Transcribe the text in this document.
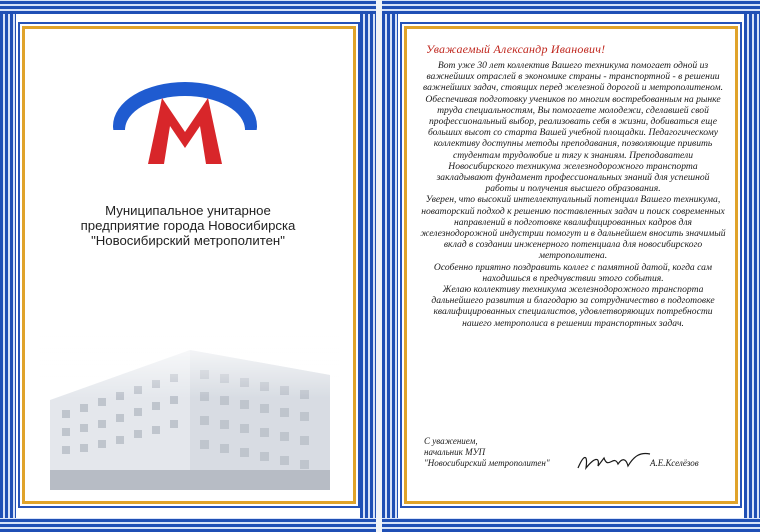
Муниципальное унитарное
предприятие города Новосибирска
"Новосибирский метрополитен"
Уважаемый Александр Иванович!

Вот уже 30 лет коллектив Вашего техникума помогает одной из важнейших отраслей в экономике страны - транспортной - в решении важнейших задач, стоящих перед железной дорогой и метрополитеном.

Обеспечивая подготовку учеников по многим востребованным на рынке труда специальностям, Вы помогаете молодежи, сделавшей свой профессиональный выбор, реализовать себя в жизни, добиваться еще больших высот со старта Вашей учебной площадки. Педагогическому коллективу доступны методы преподавания, позволяющие привить студентам трудолюбие и тягу к знаниям. Преподаватели Новосибирского техникума железнодорожного транспорта закладывают фундамент профессиональных знаний для успешной работы и получения высшего образования.

Уверен, что высокий интеллектуальный потенциал Вашего техникума, новаторский подход к решению поставленных задач и поиск современных направлений в подготовке квалифицированных кадров для железнодорожной индустрии помогут и в дальнейшем вносить значимый вклад в создании инженерного потенциала для новосибирского метрополитена.

Особенно приятно поздравить коллег с памятной датой, когда сам находишься в предчувствии этого события.

Желаю коллективу техникума железнодорожного транспорта дальнейшего развития и благодарю за сотрудничество в подготовке квалифицированных специалистов, удовлетворяющих потребности нашего метрополиса в решении транспортных задач.

С уважением,
начальник МУП
"Новосибирский метрополитен"	А.Е.Кселёзов
